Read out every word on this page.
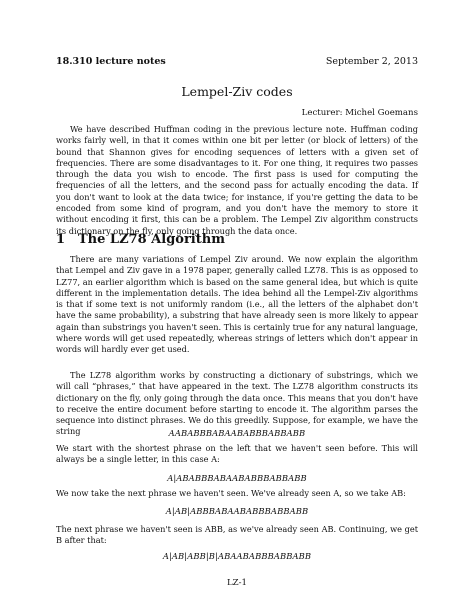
18.310 lecture notes	September 2, 2013
Lempel-Ziv codes
Lecturer: Michel Goemans

We have described Huffman coding in the previous lecture note. Huffman coding works fairly well, in that it comes within one bit per letter (or block of letters) of the bound that Shannon gives for encoding sequences of letters with a given set of frequencies. There are some disadvantages to it. For one thing, it requires two passes through the data you wish to encode. The first pass is used for computing the frequencies of all the letters, and the second pass for actually encoding the data. If you don't want to look at the data twice; for instance, if you're getting the data to be encoded from some kind of program, and you don't have the memory to store it without encoding it first, this can be a problem. The Lempel Ziv algorithm constructs its dictionary on the fly, only going through the data once.

1 The LZ78 Algorithm

There are many variations of Lempel Ziv around. We now explain the algorithm that Lempel and Ziv gave in a 1978 paper, generally called LZ78. This is as opposed to LZ77, an earlier algorithm which is based on the same general idea, but which is quite different in the implementation details. The idea behind all the Lempel-Ziv algorithms is that if some text is not uniformly random (i.e., all the letters of the alphabet don't have the same probability), a substring that have already seen is more likely to appear again than substrings you haven't seen. This is certainly true for any natural language, where words will get used repeatedly, whereas strings of letters which don't appear in words will hardly ever get used.

The LZ78 algorithm works by constructing a dictionary of substrings, which we will call “phrases,” that have appeared in the text. The LZ78 algorithm constructs its dictionary on the fly, only going through the data once. This means that you don't have to receive the entire document before starting to encode it. The algorithm parses the sequence into distinct phrases. We do this greedily. Suppose, for example, we have the string	AABABBBABAABABBBABBABB

We start with the shortest phrase on the left that we haven't seen before. This will always be a single letter, in this case A:

A|ABABBBABAABABBBABBABB

We now take the next phrase we haven't seen. We've already seen A, so we take AB:

A|AB|ABBBABAABABBBABBABB

The next phrase we haven't seen is ABB, as we've already seen AB. Continuing, we get B after that:

A|AB|ABB|B|ABAABABBBABBABB
LZ-1
